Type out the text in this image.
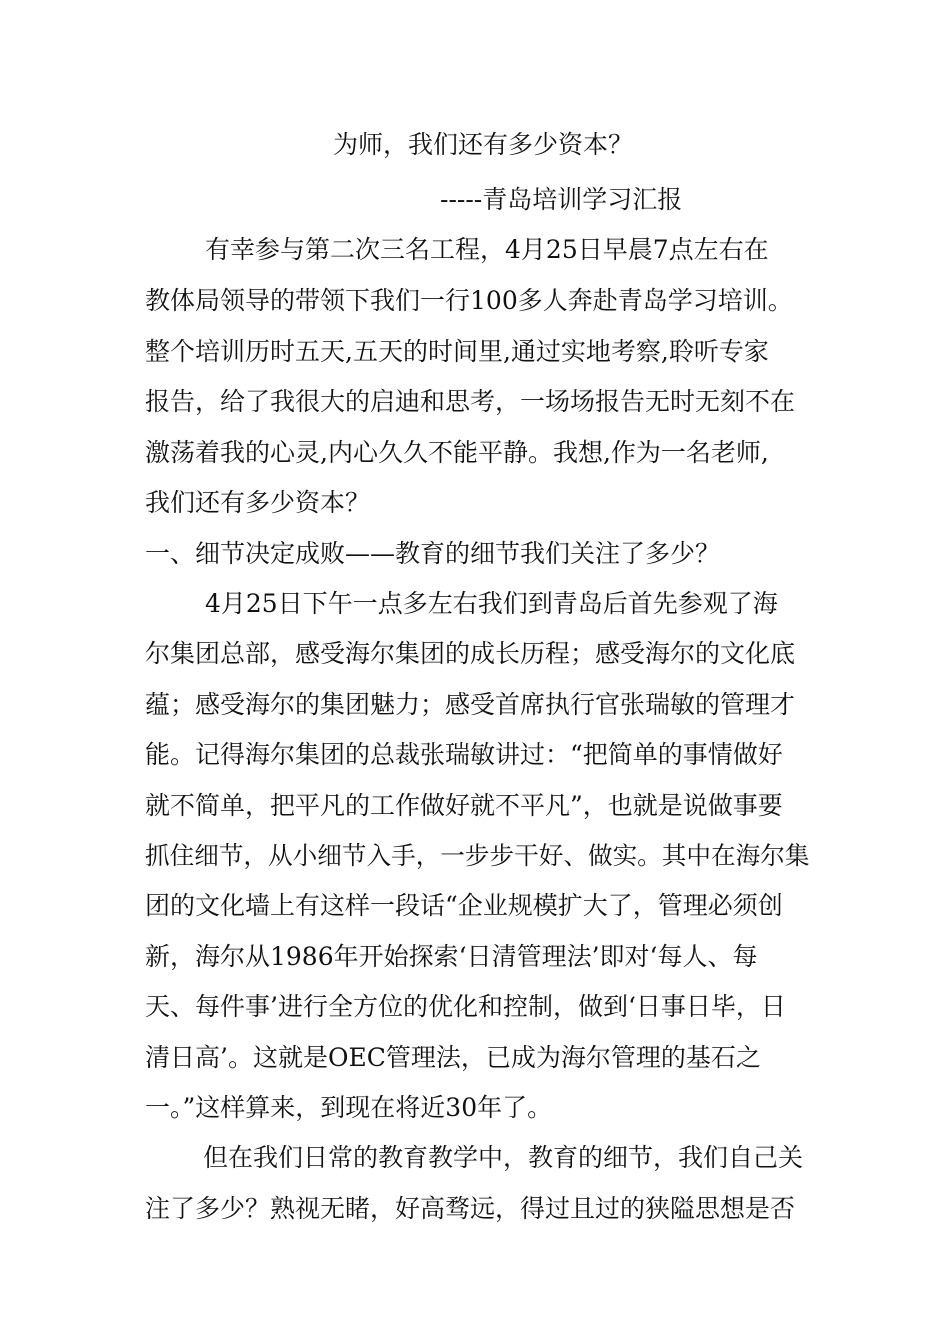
为师，我们还有多少资本？
-----青岛培训学习汇报
有幸参与第二次三名工程，4月25日早晨7点左右在
教体局领导的带领下我们一行100多人奔赴青岛学习培训。
整个培训历时五天,五天的时间里,通过实地考察,聆听专家
报告，给了我很大的启迪和思考，一场场报告无时无刻不在
激荡着我的心灵,内心久久不能平静。我想,作为一名老师,
我们还有多少资本？
一、细节决定成败——教育的细节我们关注了多少？
4月25日下午一点多左右我们到青岛后首先参观了海
尔集团总部，感受海尔集团的成长历程；感受海尔的文化底
蕴；感受海尔的集团魅力；感受首席执行官张瑞敏的管理才
能。记得海尔集团的总裁张瑞敏讲过：“把简单的事情做好
就不简单，把平凡的工作做好就不平凡”，也就是说做事要
抓住细节，从小细节入手，一步步干好、做实。其中在海尔集
团的文化墙上有这样一段话“企业规模扩大了，管理必须创
新，海尔从1986年开始探索‘日清管理法’即对‘每人、每
天、每件事’进行全方位的优化和控制，做到‘日事日毕，日
清日高’。这就是OEC管理法，已成为海尔管理的基石之
一。”这样算来，到现在将近30年了。
但在我们日常的教育教学中，教育的细节，我们自己关
注了多少？熟视无睹，好高骛远，得过且过的狭隘思想是否
